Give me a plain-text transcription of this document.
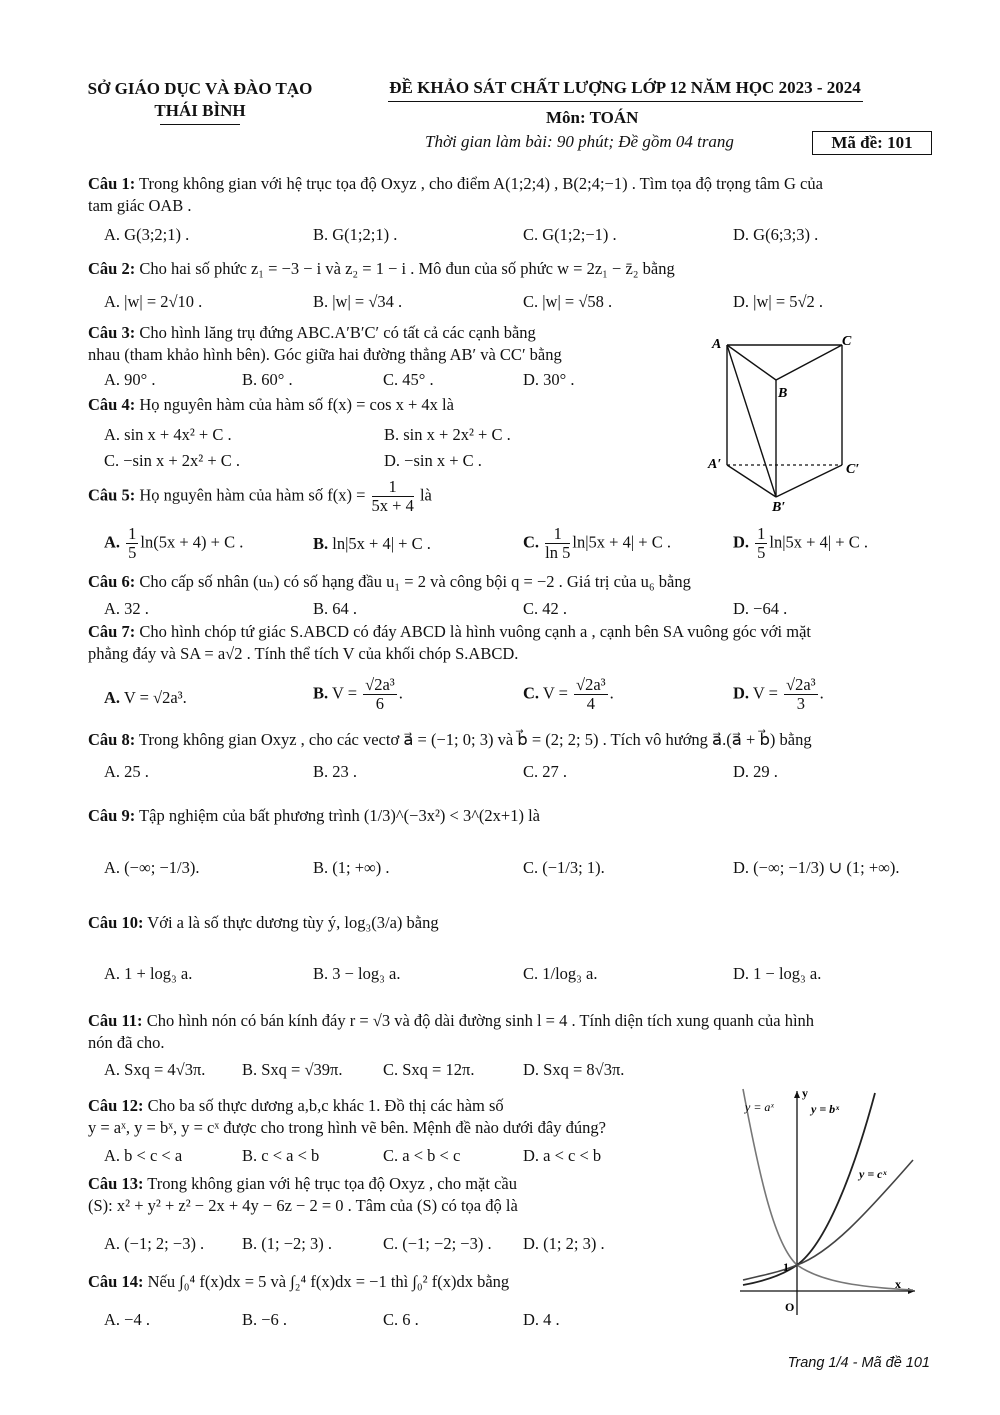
SỞ GIÁO DỤC VÀ ĐÀO TẠO
THÁI BÌNH
ĐỀ KHẢO SÁT CHẤT LƯỢNG LỚP 12 NĂM HỌC 2023 - 2024
Môn: TOÁN
Thời gian làm bài: 90 phút; Đề gồm 04 trang	Mã đề: 101
Câu 1: Trong không gian với hệ trục tọa độ Oxyz , cho điểm A(1;2;4) , B(2;4;−1) . Tìm tọa độ trọng tâm G của
tam giác OAB .
A. G(3;2;1) .	B. G(1;2;1) .	C. G(1;2;−1) .	D. G(6;3;3) .
Câu 2: Cho hai số phức z₁ = −3 − i và z₂ = 1 − i . Mô đun của số phức w = 2z₁ − z̄₂ bằng
A. |w| = 2√10 .	B. |w| = √34 .	C. |w| = √58 .	D. |w| = 5√2 .
Câu 3: Cho hình lăng trụ đứng ABC.A′B′C′ có tất cả các cạnh bằng
nhau (tham khảo hình bên). Góc giữa hai đường thẳng AB′ và CC′ bằng
A. 90° .	B. 60° .	C. 45° .	D. 30° .
A	C
B
A′	C′
B′
Câu 4: Họ nguyên hàm của hàm số f(x) = cos x + 4x là
A. sin x + 4x² + C .	B. sin x + 2x² + C .
C. −sin x + 2x² + C .	D. −sin x + C .
Câu 5: Họ nguyên hàm của hàm số $f(x) = \frac{1}{5x + 4}$ là
A. $\frac{1}{5} \ln(5x + 4) + C$ .	B. ln|5x + 4| + C .	C. $\frac{1}{\ln 5} \ln|5x + 4| + C$ .	D. $\frac{1}{5} \ln|5x + 4| + C$ .
Câu 6: Cho cấp số nhân (uₙ) có số hạng đầu u₁ = 2 và công bội q = −2 . Giá trị của u₆ bằng
A. 32 .	B. 64 .	C. 42 .	D. −64 .
Câu 7: Cho hình chóp tứ giác S.ABCD có đáy ABCD là hình vuông cạnh a , cạnh bên SA vuông góc với mặt
phẳng đáy và SA = a√2 . Tính thể tích V của khối chóp S.ABCD.
A. V = √2a³.	B. $V = \frac{\text{√2a³}}{6}$ .	C. $V = \frac{\text{√2a³}}{4}$ .	D. $V = \frac{\text{√2a³}}{3}$ .
Câu 8: Trong không gian Oxyz , cho các vectơ a⃗ = (−1; 0; 3) và b⃗ = (2; 2; 5) . Tích vô hướng a⃗.(a⃗ + b⃗) bằng
A. 25 .	B. 23 .	C. 27 .	D. 29 .
Câu 9: Tập nghiệm của bất phương trình (1/3)^(−3x²) < 3^(2x+1) là
A. (−∞; −1/3).	B. (1; +∞) .	C. (−1/3; 1).	D. (−∞; −1/3) ∪ (1; +∞).
Câu 10: Với a là số thực dương tùy ý, log₃(3/a) bằng
A. 1 + log₃ a.	B. 3 − log₃ a.	C. 1/log₃ a.	D. 1 − log₃ a.
Câu 11: Cho hình nón có bán kính đáy r = √3 và độ dài đường sinh l = 4 . Tính diện tích xung quanh của hình
nón đã cho.
A. Sxq = 4√3π. B. Sxq = √39π. C. Sxq = 12π.	D. Sxq = 8√3π.
Câu 12: Cho ba số thực dương a,b,c khác 1. Đồ thị các hàm số
y = aˣ, y = bˣ, y = cˣ được cho trong hình vẽ bên. Mệnh đề nào dưới đây đúng?
A. b < c < a	B. c < a < b	C. a < b < c	D. a < c < b
Câu 13: Trong không gian với hệ trục tọa độ Oxyz , cho mặt cầu
(S): x² + y² + z² − 2x + 4y − 6z − 2 = 0 . Tâm của (S) có tọa độ là
A. (−1; 2; −3) . B. (1; −2; 3) .	C. (−1; −2; −3) . D. (1; 2; 3) .
Câu 14: Nếu ∫₀⁴ f(x)dx = 5 và ∫₂⁴ f(x)dx = −1 thì ∫₀² f(x)dx bằng
A. −4 .	B. −6 .	C. 6 .	D. 4 .
y = aˣ
y
y = bˣ
y = cˣ
1
x
O
Trang 1/4 - Mã đề 101
